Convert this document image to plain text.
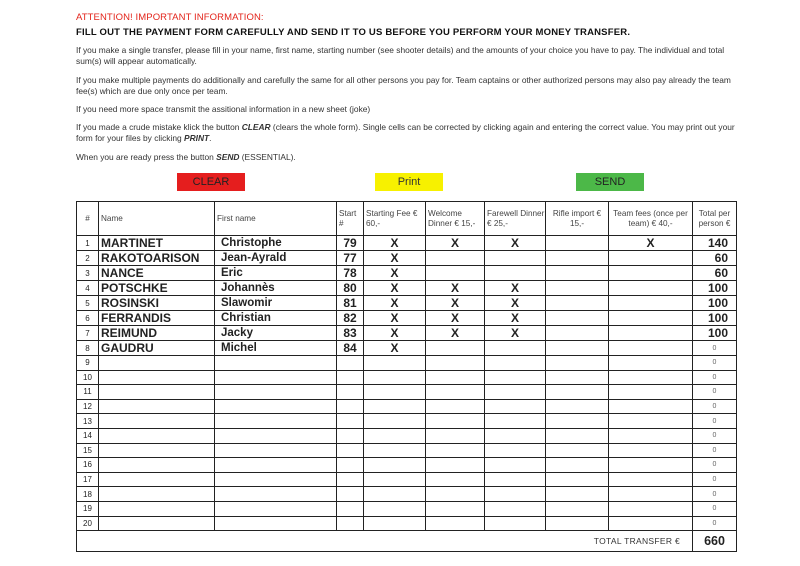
ATTENTION! IMPORTANT INFORMATION:
FILL OUT THE PAYMENT FORM CAREFULLY AND SEND IT TO US BEFORE YOU PERFORM YOUR MONEY TRANSFER.
If you make a single transfer, please fill in your name, first name, starting number (see shooter details) and the amounts of your choice you have to pay. The individual and total sum(s) will appear automatically.
If you make multiple payments do additionally and carefully the same for all other persons you pay for. Team captains or other authorized persons may also pay already the team fee(s) which are due only once per team.
If you need more space transmit the assitional information in a new sheet (joke)
If you made a crude mistake klick the button CLEAR (clears the whole form). Single cells can be corrected by clicking again and entering the correct value. You may print out your form for your files by clicking PRINT.
When you are ready press the button SEND (ESSENTIAL).
CLEAR	Print	SEND
#	Name	First name	Start #	Starting Fee € 60,-	Welcome Dinner € 15,-	Farewell Dinner € 25,-	Rifle import € 15,-	Team fees (once per team) € 40,-	Total per person €
1	MARTINET	Christophe	79	X	X	X		X	140
2	RAKOTOARISON	Jean-Ayrald	77	X					60
3	NANCE	Eric	78	X					60
4	POTSCHKE	Johannès	80	X	X	X			100
5	ROSINSKI	Slawomir	81	X	X	X			100
6	FERRANDIS	Christian	82	X	X	X			100
7	REIMUND	Jacky	83	X	X	X			100
8	GAUDRU	Michel	84	X					0
9									0
10									0
11									0
12									0
13									0
14									0
15									0
16									0
17									0
18									0
19									0
20									0
TOTAL TRANSFER €									660
